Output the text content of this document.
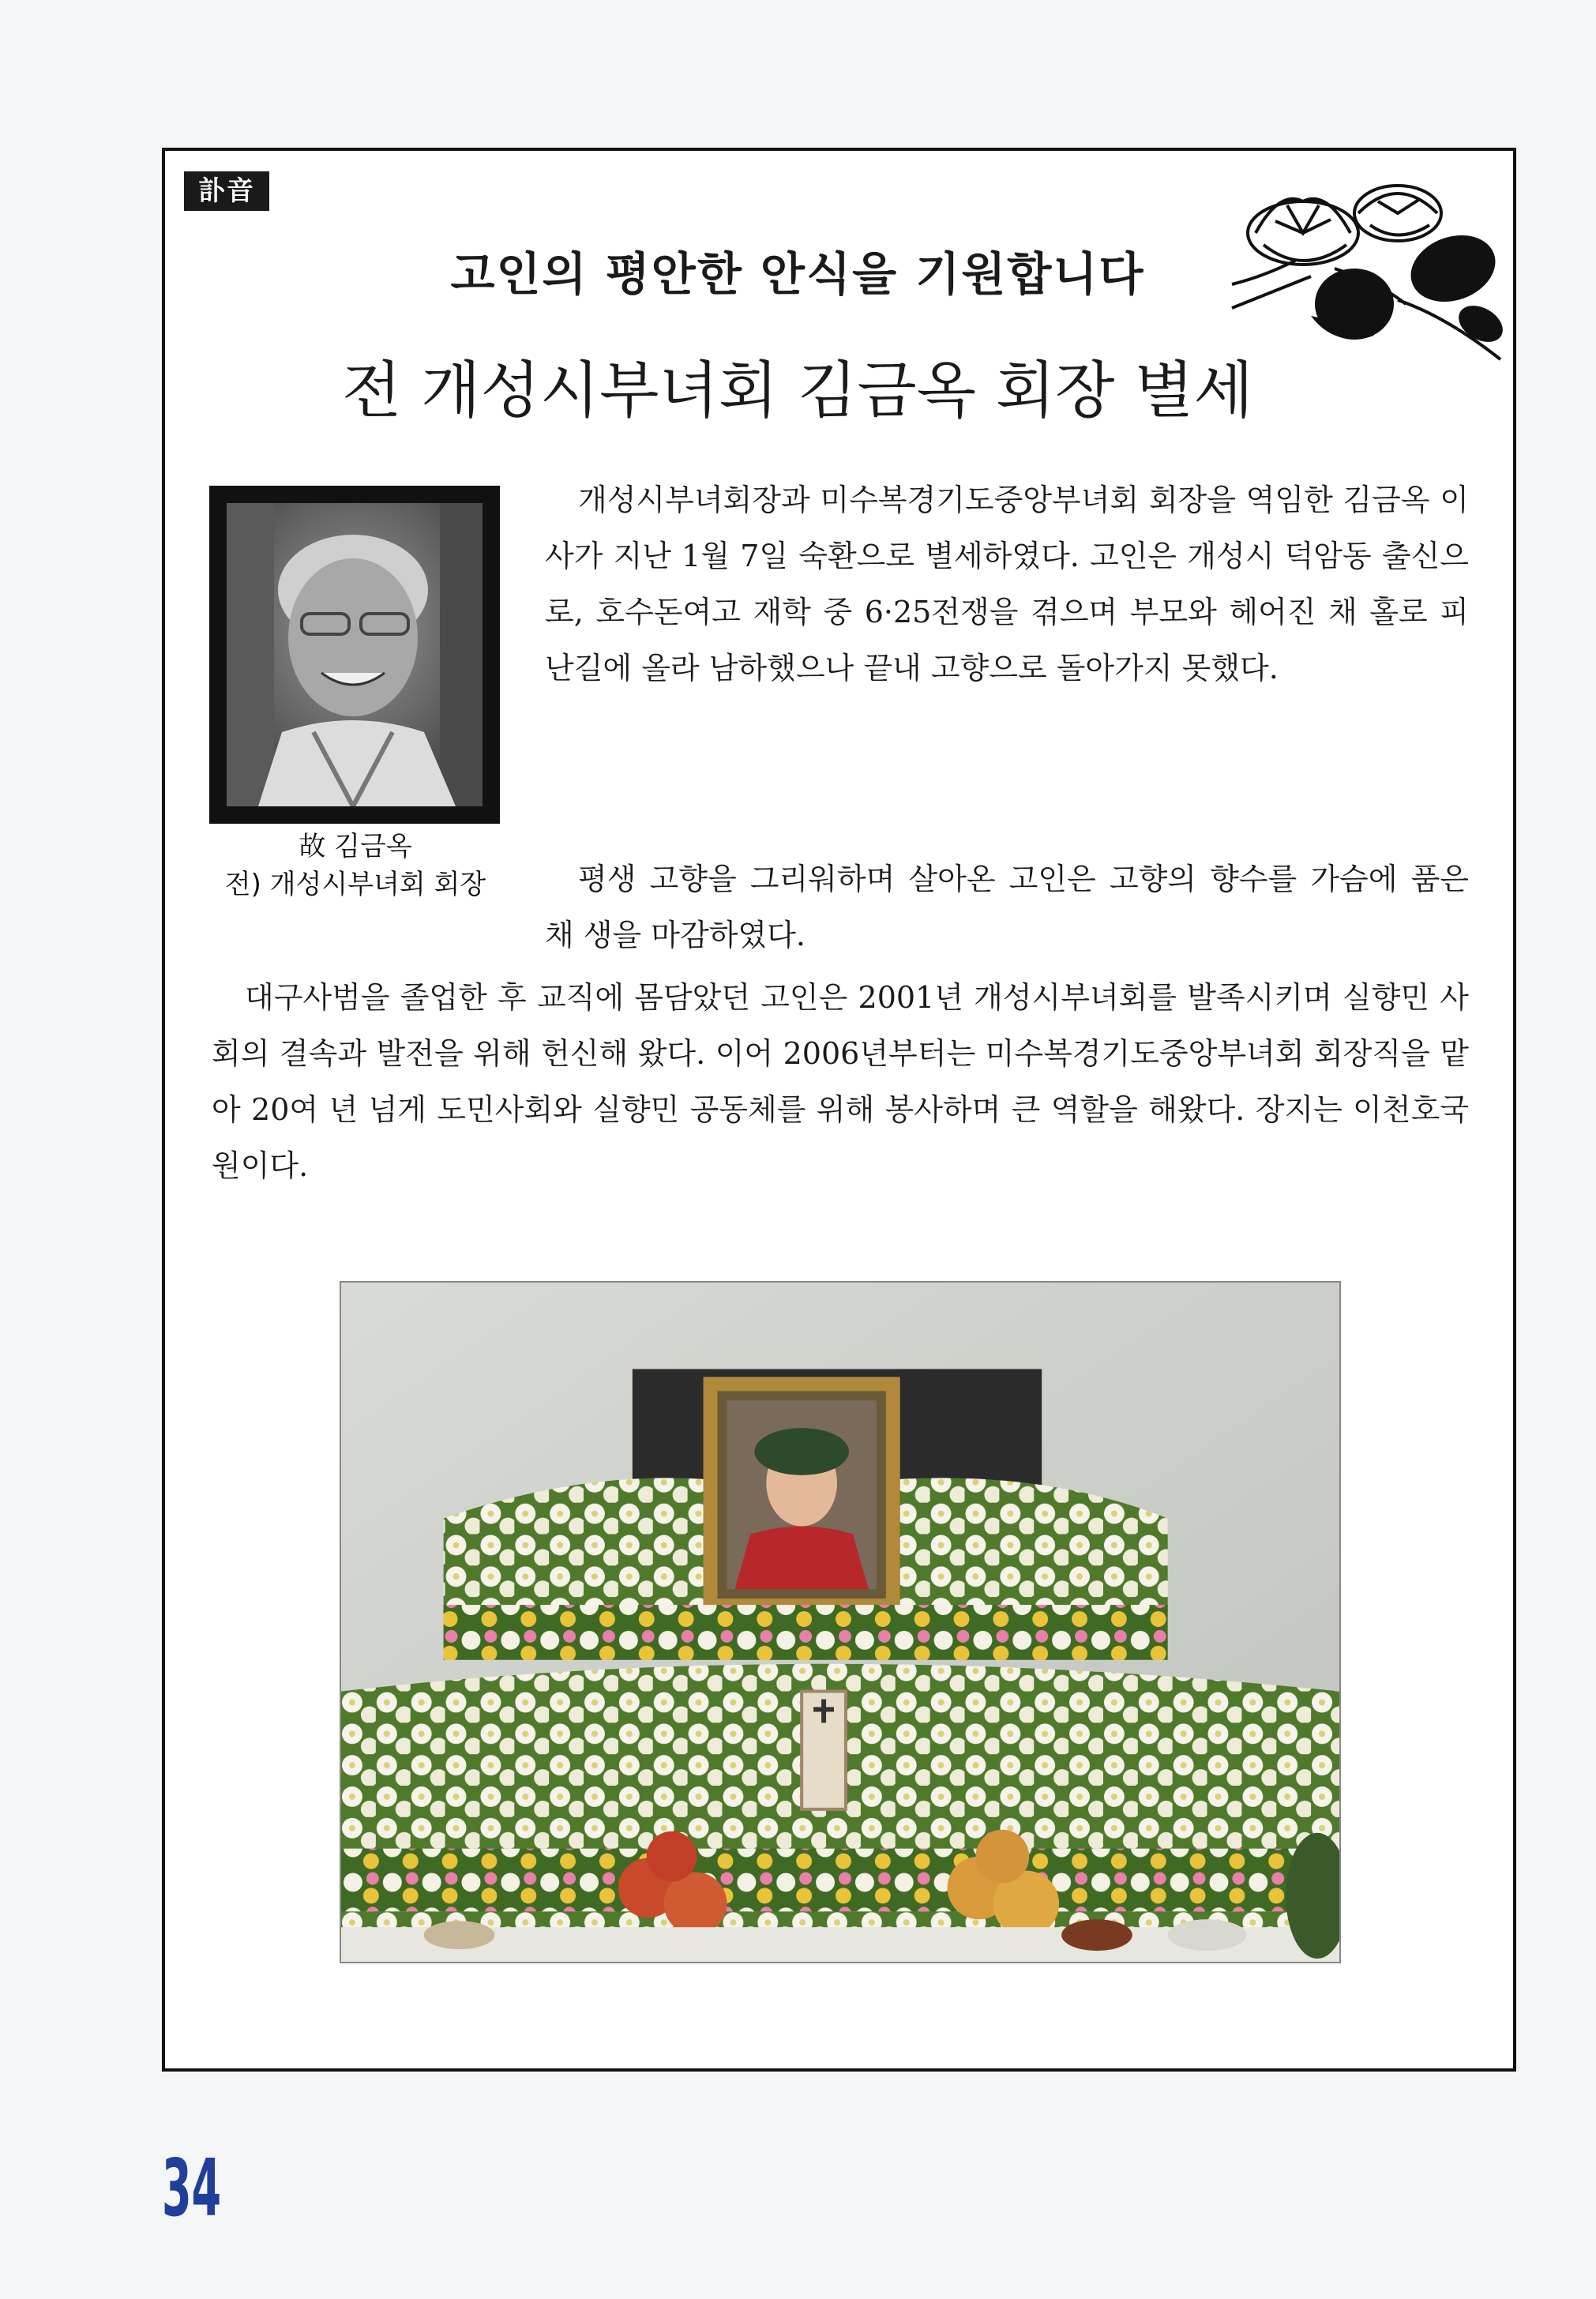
訃音
고인의 평안한 안식을 기원합니다
전 개성시부녀회 김금옥 회장 별세
故 김금옥
전) 개성시부녀회 회장

개성시부녀회장과 미수복경기도중앙부녀회 회장을 역임한 김금옥 이사가 지난 1월 7일 숙환으로 별세하였다. 고인은 개성시 덕암동 출신으로, 호수돈여고 재학 중 6·25전쟁을 겪으며 부모와 헤어진 채 홀로 피난길에 올라 남하했으나 끝내 고향으로 돌아가지 못했다.

평생 고향을 그리워하며 살아온 고인은 고향의 향수를 가슴에 품은 채 생을 마감하였다.

대구사범을 졸업한 후 교직에 몸담았던 고인은 2001년 개성시부녀회를 발족시키며 실향민 사회의 결속과 발전을 위해 헌신해 왔다. 이어 2006년부터는 미수복경기도중앙부녀회 회장직을 맡아 20여 년 넘게 도민사회와 실향민 공동체를 위해 봉사하며 큰 역할을 해왔다. 장지는 이천호국원이다.

34
